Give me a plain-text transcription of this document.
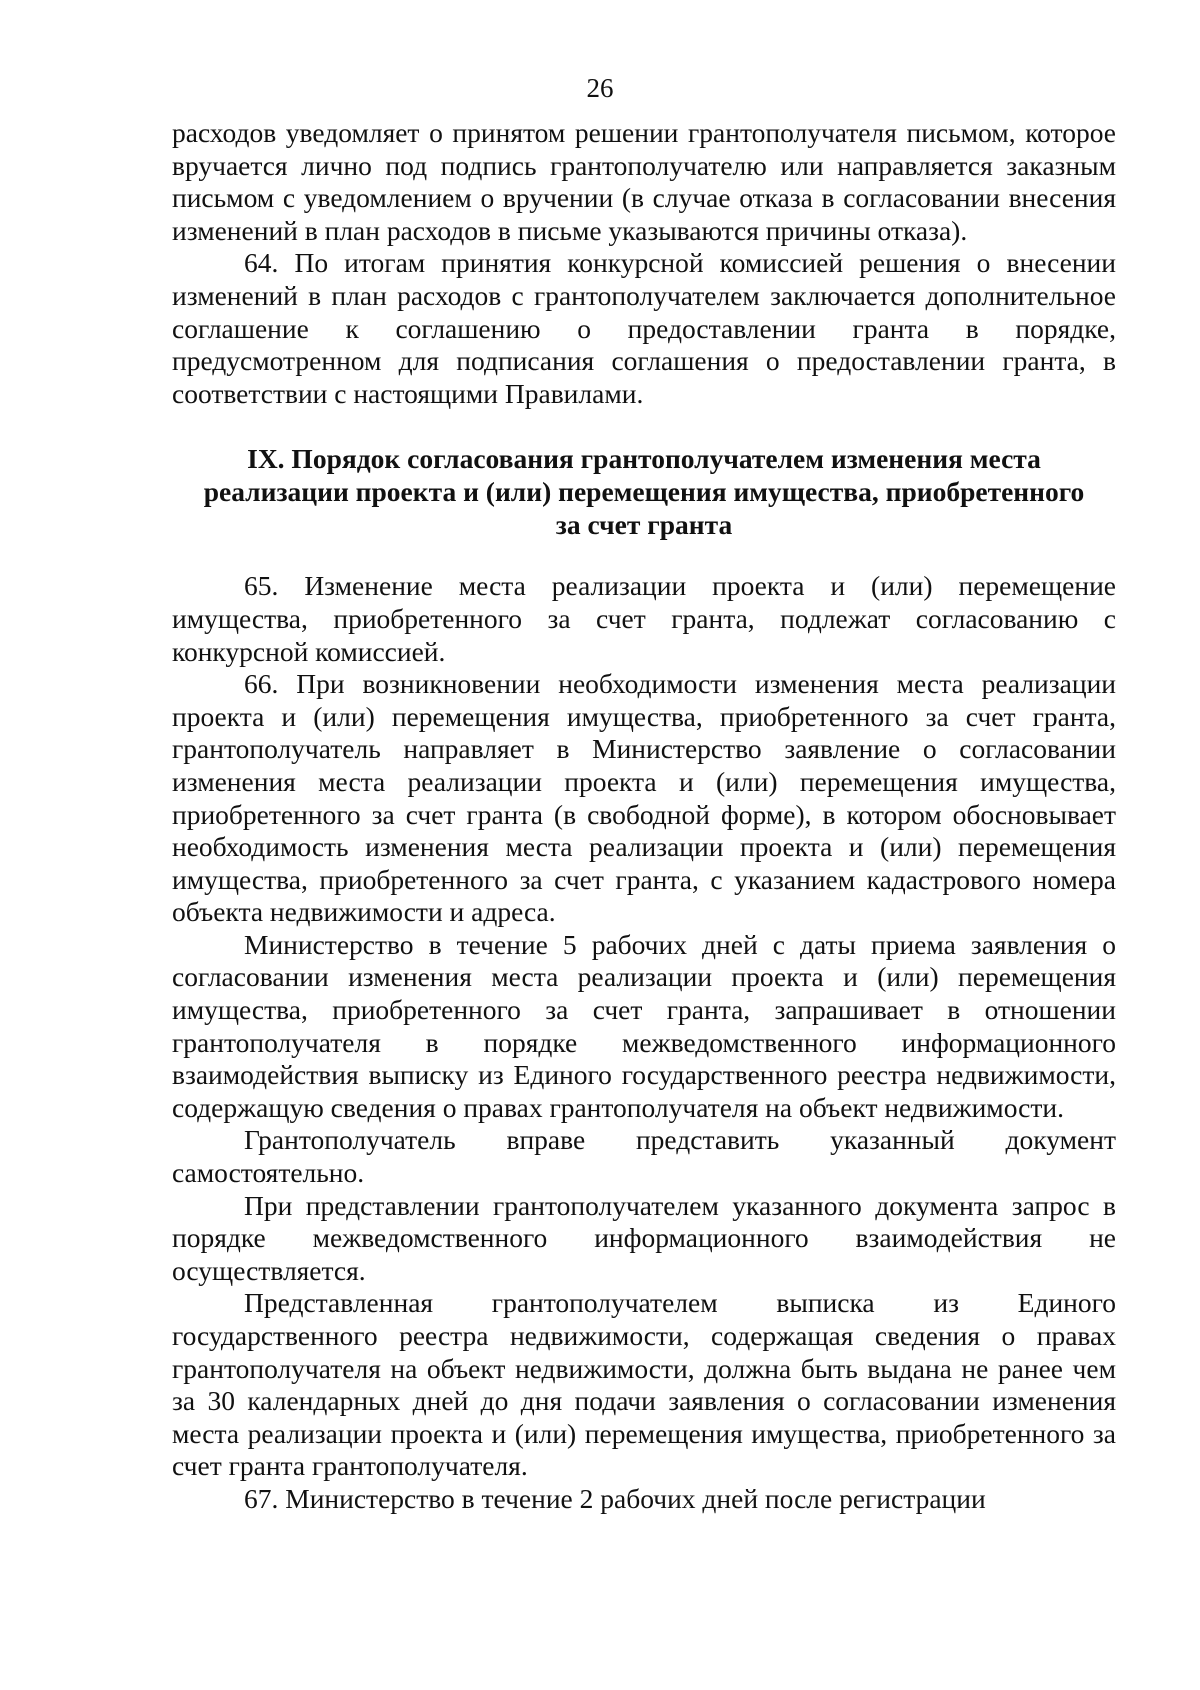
26

расходов уведомляет о принятом решении грантополучателя письмом, которое вручается лично под подпись грантополучателю или направляется заказным письмом с уведомлением о вручении (в случае отказа в согласовании внесения изменений в план расходов в письме указываются причины отказа).

64. По итогам принятия конкурсной комиссией решения о внесении изменений в план расходов с грантополучателем заключается дополнительное соглашение к соглашению о предоставлении гранта в порядке, предусмотренном для подписания соглашения о предоставлении гранта, в соответствии с настоящими Правилами.

IX. Порядок согласования грантополучателем изменения места
реализации проекта и (или) перемещения имущества, приобретенного
за счет гранта

65. Изменение места реализации проекта и (или) перемещение имущества, приобретенного за счет гранта, подлежат согласованию с конкурсной комиссией.

66. При возникновении необходимости изменения места реализации проекта и (или) перемещения имущества, приобретенного за счет гранта, грантополучатель направляет в Министерство заявление о согласовании изменения места реализации проекта и (или) перемещения имущества, приобретенного за счет гранта (в свободной форме), в котором обосновывает необходимость изменения места реализации проекта и (или) перемещения имущества, приобретенного за счет гранта, с указанием кадастрового номера объекта недвижимости и адреса.

Министерство в течение 5 рабочих дней с даты приема заявления о согласовании изменения места реализации проекта и (или) перемещения имущества, приобретенного за счет гранта, запрашивает в отношении грантополучателя в порядке межведомственного информационного взаимодействия выписку из Единого государственного реестра недвижимости, содержащую сведения о правах грантополучателя на объект недвижимости.

Грантополучатель вправе представить указанный документ самостоятельно.

При представлении грантополучателем указанного документа запрос в порядке межведомственного информационного взаимодействия не осуществляется.

Представленная грантополучателем выписка из Единого государственного реестра недвижимости, содержащая сведения о правах грантополучателя на объект недвижимости, должна быть выдана не ранее чем за 30 календарных дней до дня подачи заявления о согласовании изменения места реализации проекта и (или) перемещения имущества, приобретенного за счет гранта грантополучателя.

67. Министерство в течение 2 рабочих дней после регистрации
